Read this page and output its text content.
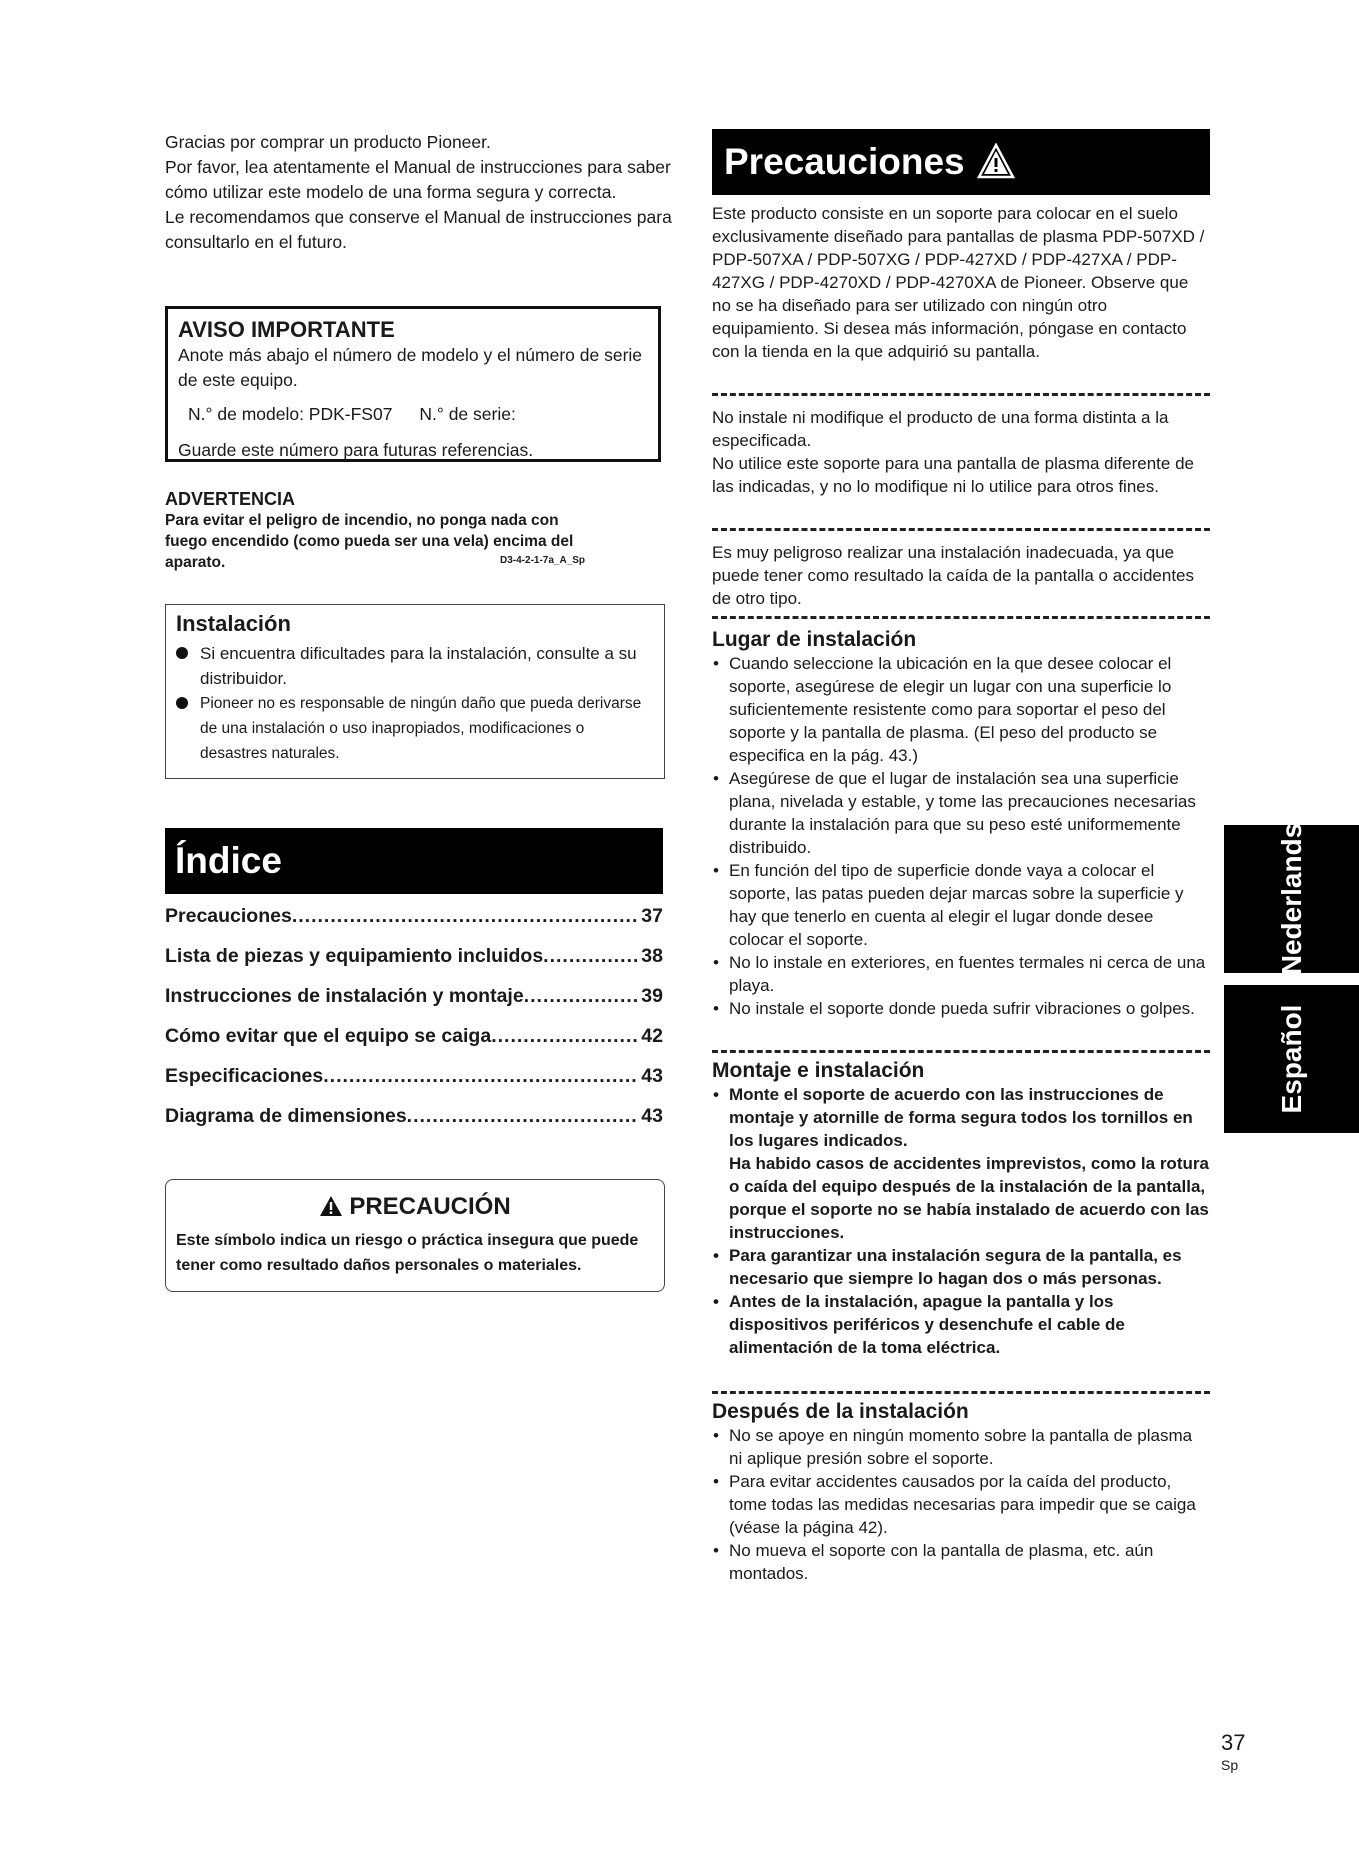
Gracias por comprar un producto Pioneer.

Por favor, lea atentamente el Manual de instrucciones para saber cómo utilizar este modelo de una forma segura y correcta.

Le recomendamos que conserve el Manual de instrucciones para consultarlo en el futuro.

AVISO IMPORTANTE
Anote más abajo el número de modelo y el número de serie de este equipo.
N.° de modelo: PDK-FS07 N.° de serie:
Guarde este número para futuras referencias.
ADVERTENCIA
Para evitar el peligro de incendio, no ponga nada con fuego encendido (como pueda ser una vela) encima del aparato.	D3-4-2-1-7a_A_Sp
Instalación
Si encuentra dificultades para la instalación, consulte a su distribuidor.
Pioneer no es responsable de ningún daño que pueda derivarse de una instalación o uso inapropiados, modificaciones o desastres naturales.
Índice
Precauciones .....	37
Lista de piezas y equipamiento incluidos .....	38
Instrucciones de instalación y montaje .....	39
Cómo evitar que el equipo se caiga .....	42
Especificaciones .....	43
Diagrama de dimensiones .....	43
PRECAUCIÓN
Este símbolo indica un riesgo o práctica insegura que puede tener como resultado daños personales o materiales.
Precauciones
Este producto consiste en un soporte para colocar en el suelo exclusivamente diseñado para pantallas de plasma PDP-507XD / PDP-507XA / PDP-507XG / PDP-427XD / PDP-427XA / PDP-427XG / PDP-4270XD / PDP-4270XA de Pioneer. Observe que no se ha diseñado para ser utilizado con ningún otro equipamiento. Si desea más información, póngase en contacto con la tienda en la que adquirió su pantalla.

No instale ni modifique el producto de una forma distinta a la especificada.

No utilice este soporte para una pantalla de plasma diferente de las indicadas, y no lo modifique ni lo utilice para otros fines.

Es muy peligroso realizar una instalación inadecuada, ya que puede tener como resultado la caída de la pantalla o accidentes de otro tipo.
Lugar de instalación
• Cuando seleccione la ubicación en la que desee colocar el soporte, asegúrese de elegir un lugar con una superficie lo suficientemente resistente como para soportar el peso del soporte y la pantalla de plasma. (El peso del producto se especifica en la pág. 43.)
• Asegúrese de que el lugar de instalación sea una superficie plana, nivelada y estable, y tome las precauciones necesarias durante la instalación para que su peso esté uniformemente distribuido.
• En función del tipo de superficie donde vaya a colocar el soporte, las patas pueden dejar marcas sobre la superficie y hay que tenerlo en cuenta al elegir el lugar donde desee colocar el soporte.
• No lo instale en exteriores, en fuentes termales ni cerca de una playa.
• No instale el soporte donde pueda sufrir vibraciones o golpes.
Montaje e instalación
• Monte el soporte de acuerdo con las instrucciones de montaje y atornille de forma segura todos los tornillos en los lugares indicados.
Ha habido casos de accidentes imprevistos, como la rotura o caída del equipo después de la instalación de la pantalla, porque el soporte no se había instalado de acuerdo con las instrucciones.
• Para garantizar una instalación segura de la pantalla, es necesario que siempre lo hagan dos o más personas.
• Antes de la instalación, apague la pantalla y los dispositivos periféricos y desenchufe el cable de alimentación de la toma eléctrica.
Después de la instalación
• No se apoye en ningún momento sobre la pantalla de plasma ni aplique presión sobre el soporte.
• Para evitar accidentes causados por la caída del producto, tome todas las medidas necesarias para impedir que se caiga (véase la página 42).
• No mueva el soporte con la pantalla de plasma, etc. aún montados.
Nederlands
Español
37
Sp
